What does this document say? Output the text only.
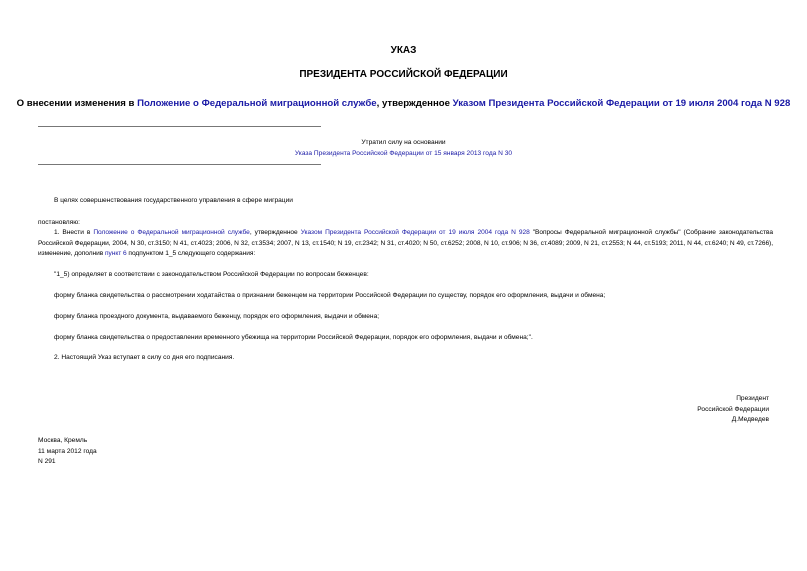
УКАЗ
ПРЕЗИДЕНТА РОССИЙСКОЙ ФЕДЕРАЦИИ
О внесении изменения в Положение о Федеральной миграционной службе, утвержденное Указом Президента Российской Федерации от 19 июля 2004 года N 928
Утратил силу на основании
Указа Президента Российской Федерации от 15 января 2013 года N 30
В целях совершенствования государственного управления в сфере миграции
постановляю:
1. Внести в Положение о Федеральной миграционной службе, утвержденное Указом Президента Российской Федерации от 19 июля 2004 года N 928 "Вопросы Федеральной миграционной службы" (Собрание законодательства Российской Федерации, 2004, N 30, ст.3150; N 41, ст.4023; 2006, N 32, ст.3534; 2007, N 13, ст.1540; N 19, ст.2342; N 31, ст.4020; N 50, ст.6252; 2008, N 10, ст.906; N 36, ст.4089; 2009, N 21, ст.2553; N 44, ст.5193; 2011, N 44, ст.6240; N 49, ст.7266), изменение, дополнив пункт 6 подпунктом 1_5 следующего содержания:
"1_5) определяет в соответствии с законодательством Российской Федерации по вопросам беженцев:
форму бланка свидетельства о рассмотрении ходатайства о признании беженцем на территории Российской Федерации по существу, порядок его оформления, выдачи и обмена;
форму бланка проездного документа, выдаваемого беженцу, порядок его оформления, выдачи и обмена;
форму бланка свидетельства о предоставлении временного убежища на территории Российской Федерации, порядок его оформления, выдачи и обмена;".
2. Настоящий Указ вступает в силу со дня его подписания.
Президент
Российской Федерации
Д.Медведев
Москва, Кремль
11 марта 2012 года
N 291
